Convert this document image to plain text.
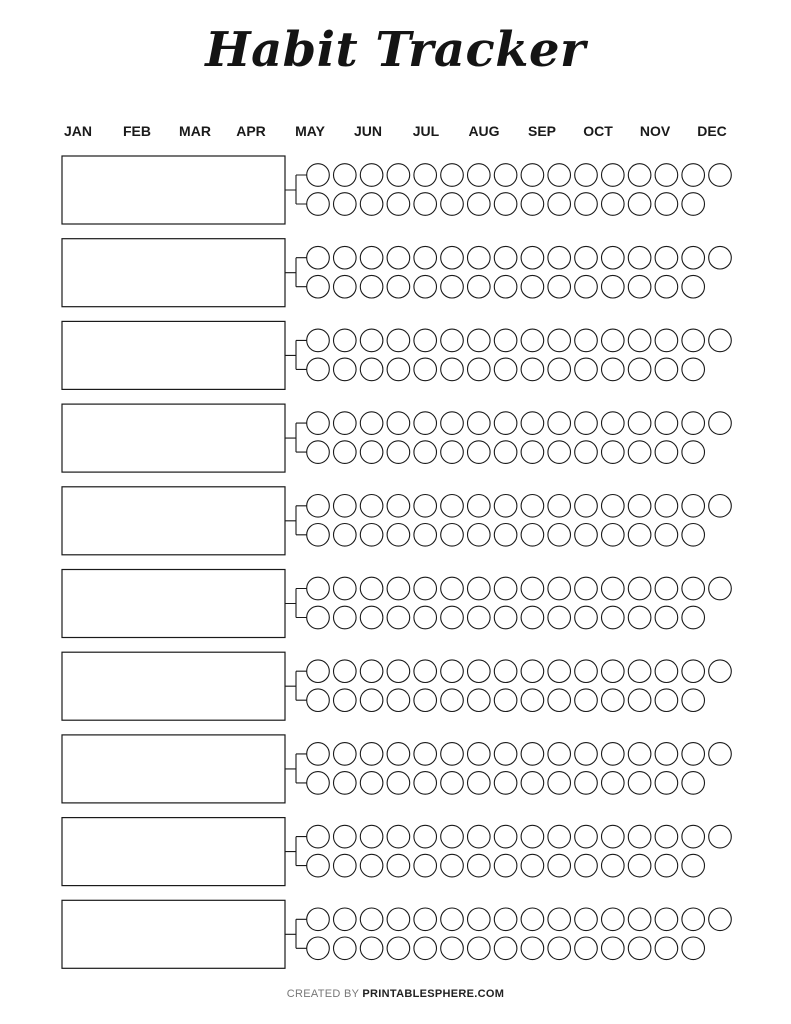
Habit Tracker
JAN FEB MAR APR MAY JUN JUL AUG SEP OCT NOV DEC
CREATED BY PRINTABLESPHERE.COM
